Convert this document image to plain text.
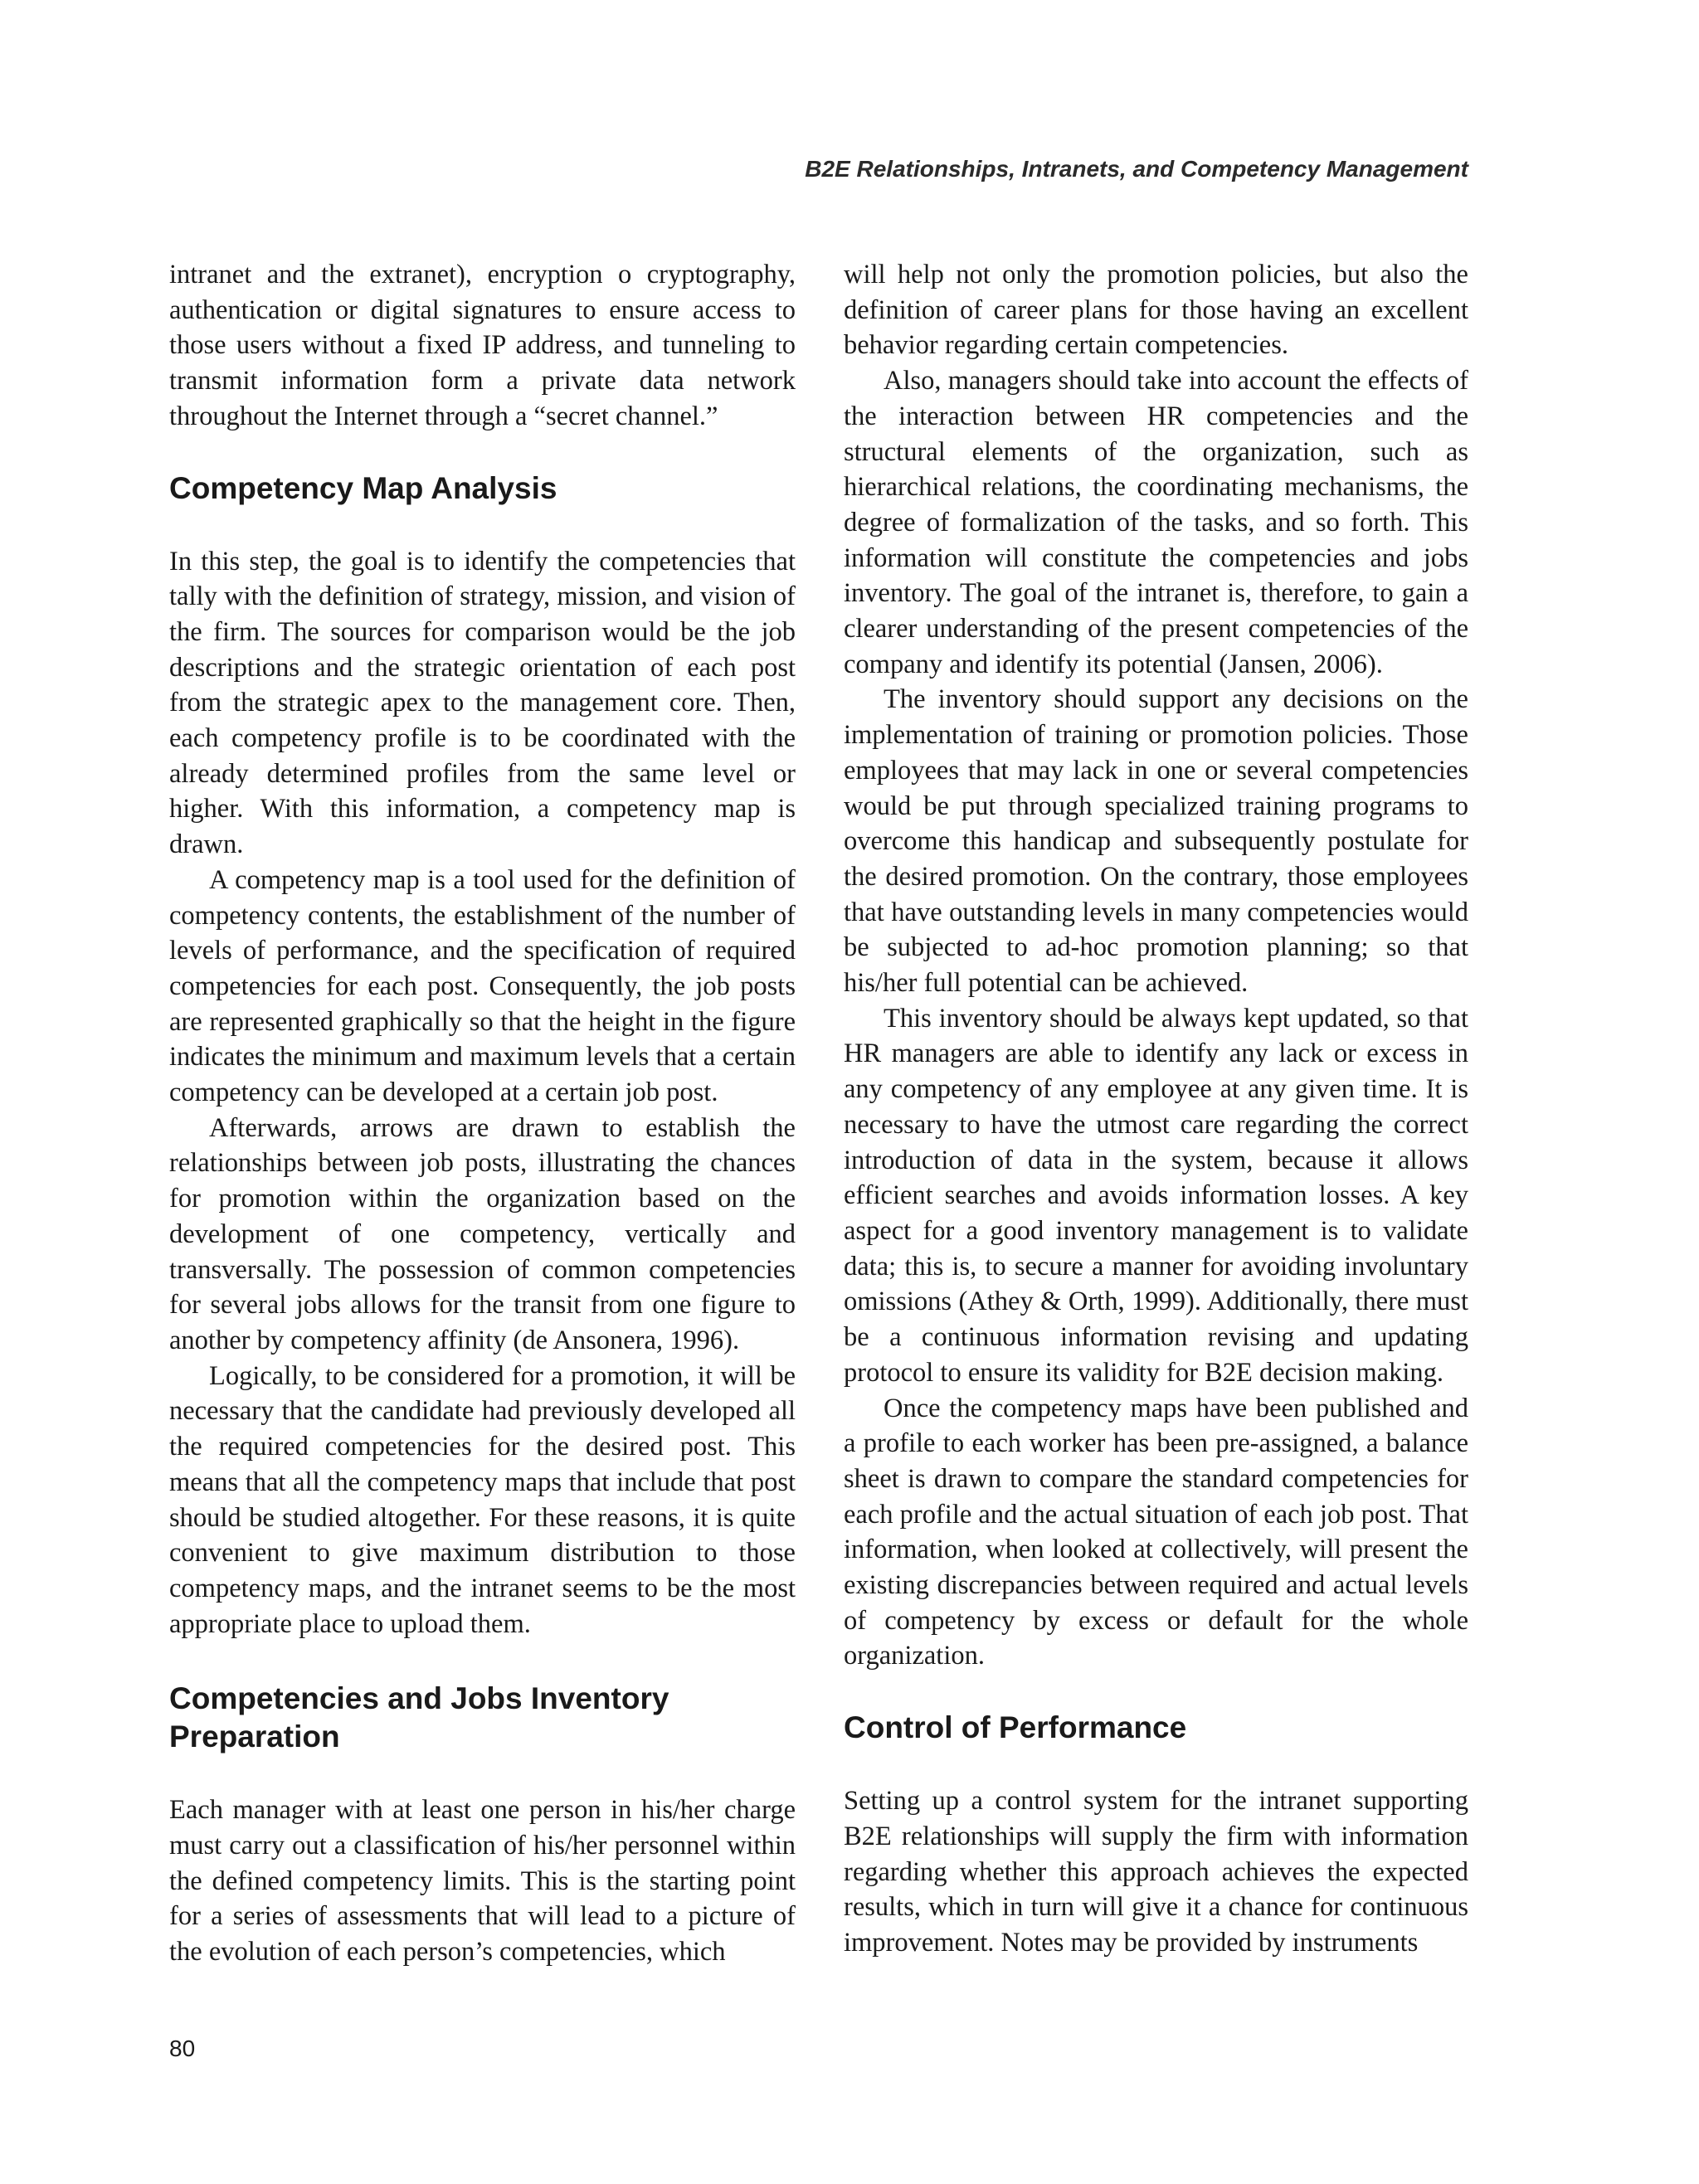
B2E Relationships, Intranets, and Competency Management

intranet and the extranet), encryption o cryptography, authentication or digital signatures to ensure access to those users without a fixed IP address, and tunneling to transmit information form a private data network throughout the Internet through a “secret channel.”

Competency Map Analysis

In this step, the goal is to identify the competencies that tally with the definition of strategy, mission, and vision of the firm. The sources for comparison would be the job descriptions and the strategic orientation of each post from the strategic apex to the management core. Then, each competency profile is to be coordinated with the already determined profiles from the same level or higher. With this information, a competency map is drawn.

A competency map is a tool used for the definition of competency contents, the establishment of the number of levels of performance, and the specification of required competencies for each post. Consequently, the job posts are represented graphically so that the height in the figure indicates the minimum and maximum levels that a certain competency can be developed at a certain job post.

Afterwards, arrows are drawn to establish the relationships between job posts, illustrating the chances for promotion within the organization based on the development of one competency, vertically and transversally. The possession of common competencies for several jobs allows for the transit from one figure to another by competency affinity (de Ansonera, 1996).

Logically, to be considered for a promotion, it will be necessary that the candidate had previously developed all the required competencies for the desired post. This means that all the competency maps that include that post should be studied altogether. For these reasons, it is quite convenient to give maximum distribution to those competency maps, and the intranet seems to be the most appropriate place to upload them.

Competencies and Jobs Inventory Preparation

Each manager with at least one person in his/her charge must carry out a classification of his/her personnel within the defined competency limits. This is the starting point for a series of assessments that will lead to a picture of the evolution of each person’s competencies, which

will help not only the promotion policies, but also the definition of career plans for those having an excellent behavior regarding certain competencies.

Also, managers should take into account the effects of the interaction between HR competencies and the structural elements of the organization, such as hierarchical relations, the coordinating mechanisms, the degree of formalization of the tasks, and so forth. This information will constitute the competencies and jobs inventory. The goal of the intranet is, therefore, to gain a clearer understanding of the present competencies of the company and identify its potential (Jansen, 2006).

The inventory should support any decisions on the implementation of training or promotion policies. Those employees that may lack in one or several competencies would be put through specialized training programs to overcome this handicap and subsequently postulate for the desired promotion. On the contrary, those employees that have outstanding levels in many competencies would be subjected to ad-hoc promotion planning; so that his/her full potential can be achieved.

This inventory should be always kept updated, so that HR managers are able to identify any lack or excess in any competency of any employee at any given time. It is necessary to have the utmost care regarding the correct introduction of data in the system, because it allows efficient searches and avoids information losses. A key aspect for a good inventory management is to validate data; this is, to secure a manner for avoiding involuntary omissions (Athey & Orth, 1999). Additionally, there must be a continuous information revising and updating protocol to ensure its validity for B2E decision making.

Once the competency maps have been published and a profile to each worker has been pre-assigned, a balance sheet is drawn to compare the standard competencies for each profile and the actual situation of each job post. That information, when looked at collectively, will present the existing discrepancies between required and actual levels of competency by excess or default for the whole organization.

Control of Performance

Setting up a control system for the intranet supporting B2E relationships will supply the firm with information regarding whether this approach achieves the expected results, which in turn will give it a chance for continuous improvement. Notes may be provided by instruments

80
